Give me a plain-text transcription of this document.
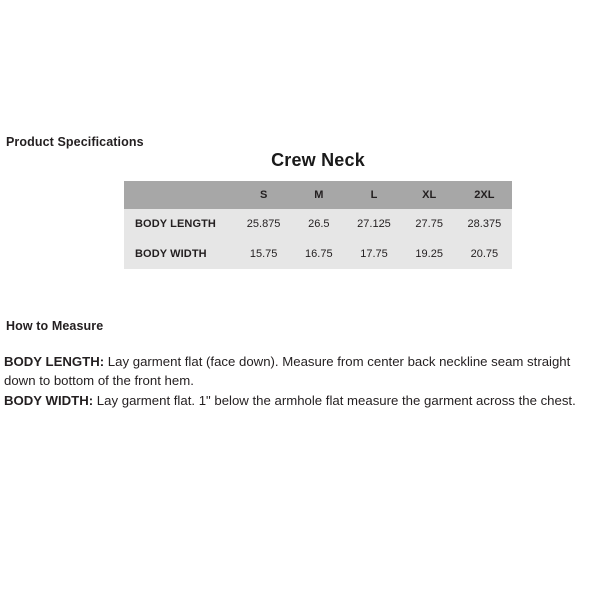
Product Specifications
Crew Neck
	S	M	L	XL	2XL
BODY LENGTH	25.875	26.5	27.125	27.75	28.375
BODY WIDTH	15.75	16.75	17.75	19.25	20.75
How to Measure
BODY LENGTH: Lay garment flat (face down). Measure from center back neckline seam straight down to bottom of the front hem.
BODY WIDTH: Lay garment flat. 1" below the armhole flat measure the garment across the chest.
